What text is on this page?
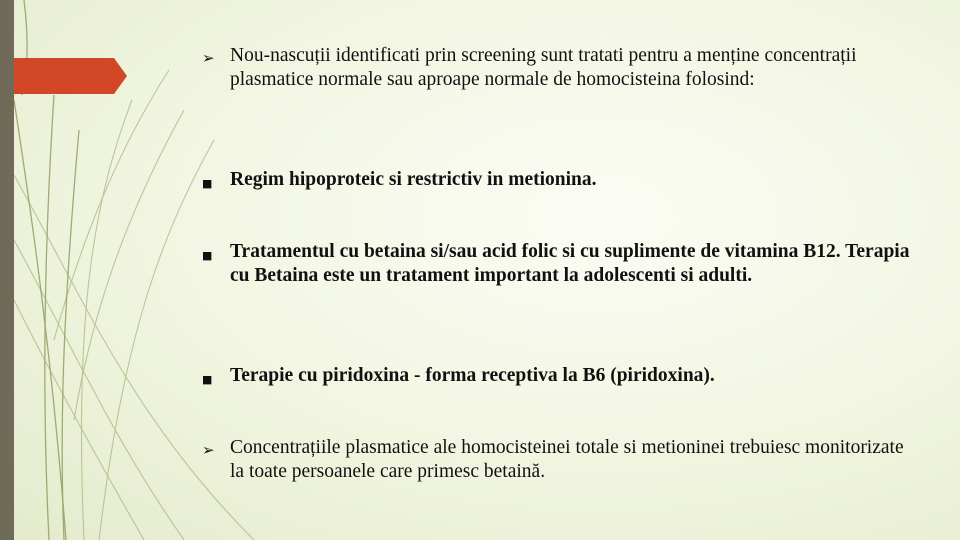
➢ Nou-nascuții identificati prin screening sunt tratati pentru a menține concentrații plasmatice normale sau aproape normale de homocisteina folosind:
■ Regim hipoproteic si restrictiv in metionina.
■ Tratamentul cu betaina si/sau acid folic si cu suplimente de vitamina B12. Terapia cu Betaina este un tratament important la adolescenti si adulti.
■ Terapie cu piridoxina - forma receptiva la B6 (piridoxina).
➢ Concentrațiile plasmatice ale homocisteinei totale si metioninei trebuiesc monitorizate la toate persoanele care primesc betaină.
